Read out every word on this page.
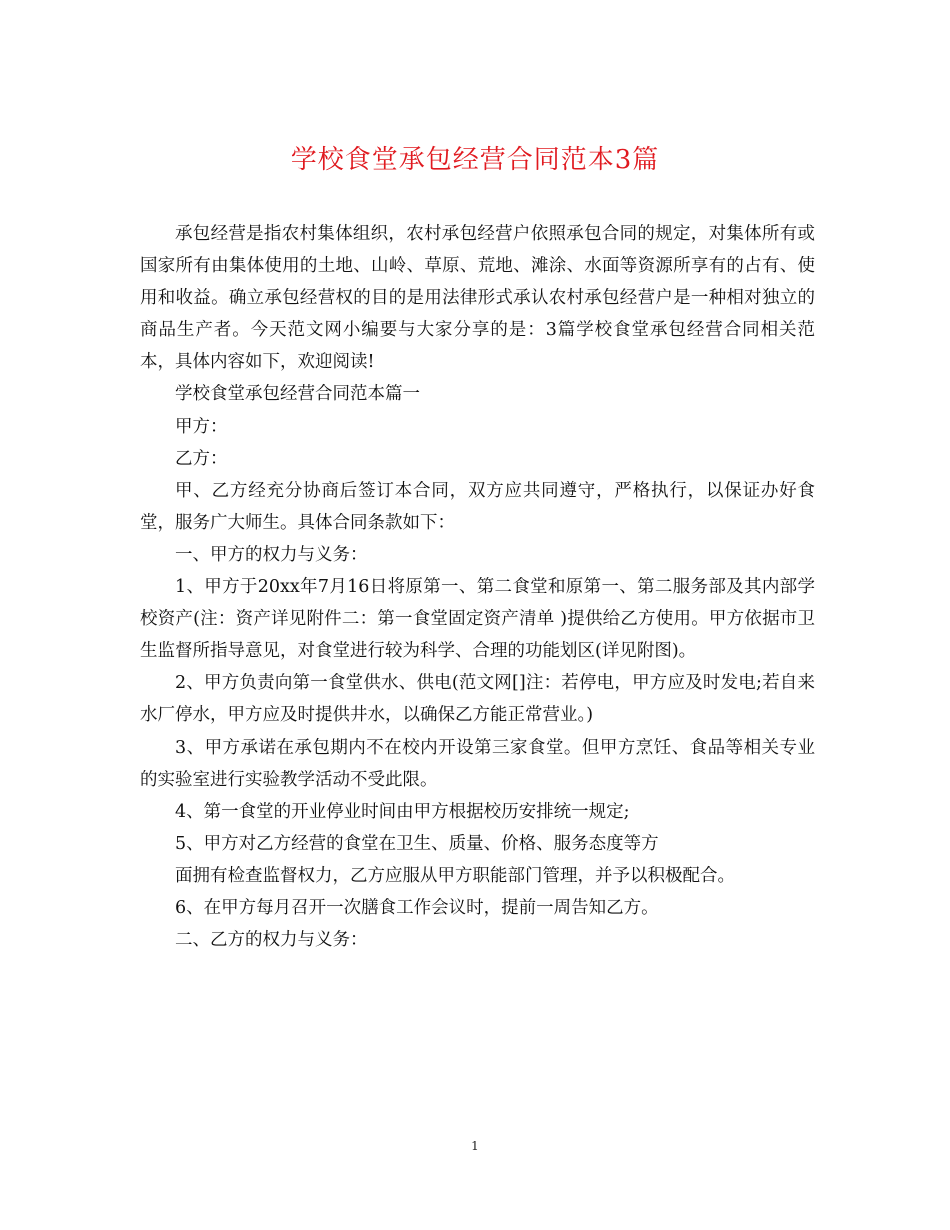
学校食堂承包经营合同范本3篇

承包经营是指农村集体组织，农村承包经营户依照承包合同的规定，对集体所有或国家所有由集体使用的土地、山岭、草原、荒地、滩涂、水面等资源所享有的占有、使用和收益。确立承包经营权的目的是用法律形式承认农村承包经营户是一种相对独立的商品生产者。今天范文网小编要与大家分享的是：3篇学校食堂承包经营合同相关范本，具体内容如下，欢迎阅读!

学校食堂承包经营合同范本篇一

甲方：

乙方：

甲、乙方经充分协商后签订本合同，双方应共同遵守，严格执行，以保证办好食堂，服务广大师生。具体合同条款如下：

一、甲方的权力与义务：

1、甲方于20xx年7月16日将原第一、第二食堂和原第一、第二服务部及其内部学校资产(注：资产详见附件二：第一食堂固定资产清单 )提供给乙方使用。甲方依据市卫生监督所指导意见，对食堂进行较为科学、合理的功能划区(详见附图)。

2、甲方负责向第一食堂供水、供电(范文网[]注：若停电，甲方应及时发电;若自来水厂停水，甲方应及时提供井水，以确保乙方能正常营业。)

3、甲方承诺在承包期内不在校内开设第三家食堂。但甲方烹饪、食品等相关专业的实验室进行实验教学活动不受此限。

4、第一食堂的开业停业时间由甲方根据校历安排统一规定;

5、甲方对乙方经营的食堂在卫生、质量、价格、服务态度等方

面拥有检查监督权力，乙方应服从甲方职能部门管理，并予以积极配合。

6、在甲方每月召开一次膳食工作会议时，提前一周告知乙方。

二、乙方的权力与义务：

1
